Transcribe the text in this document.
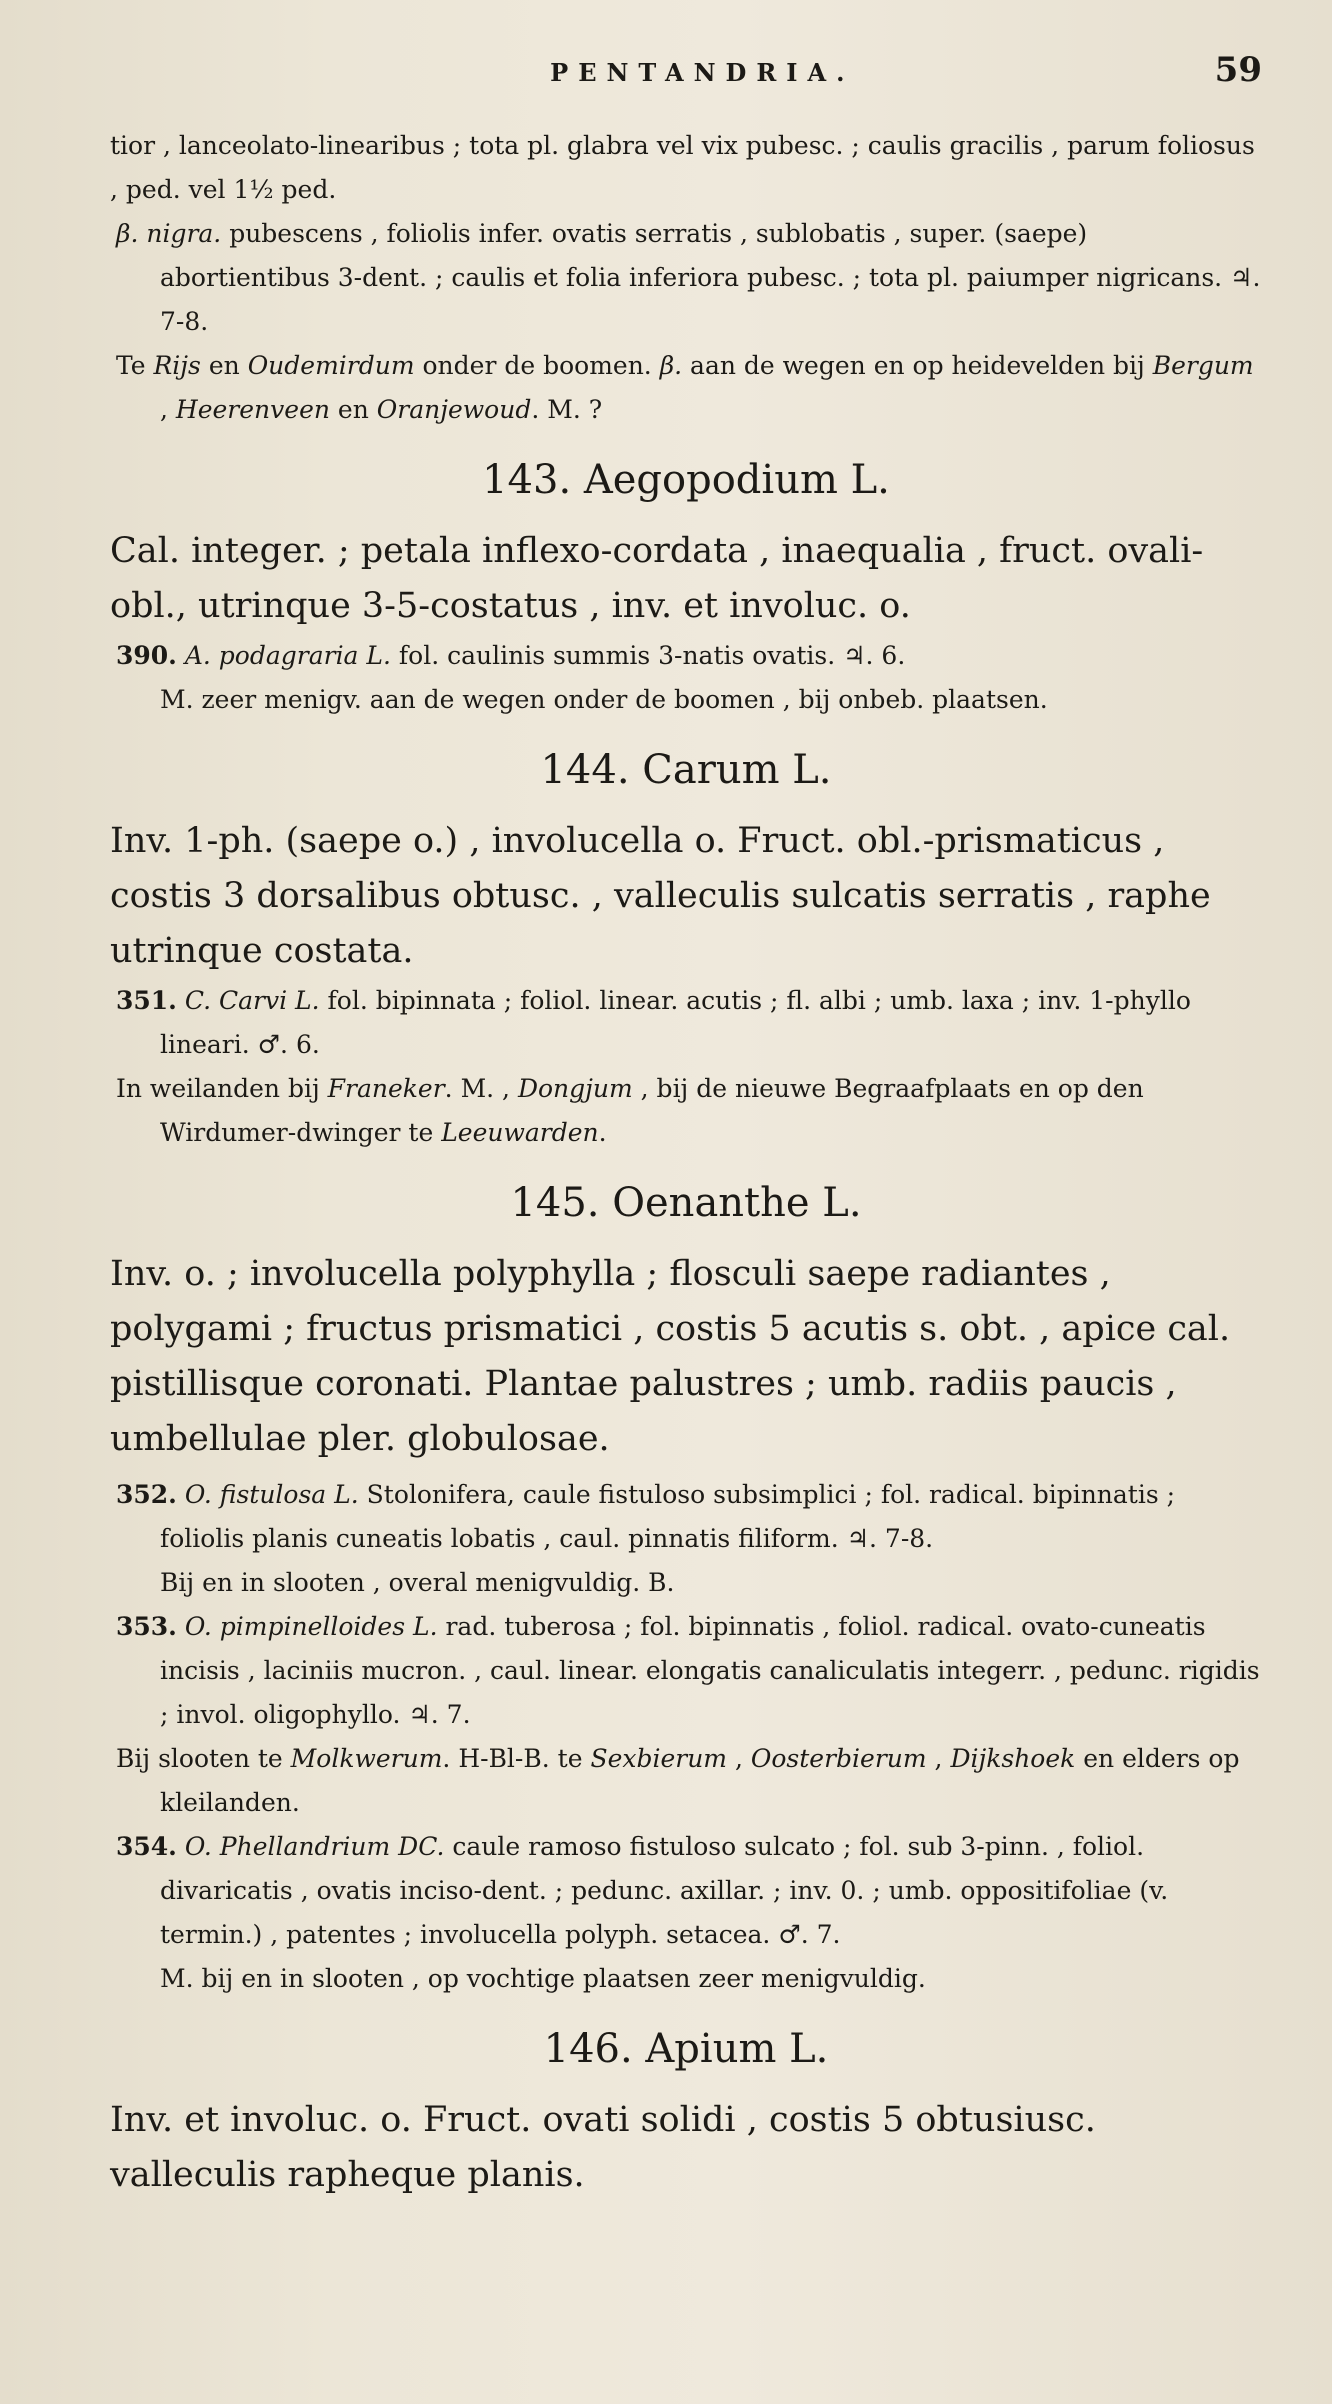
PENTANDRIA.	59

tior , lanceolato-linearibus ; tota pl. glabra vel vix pubesc. ; caulis gracilis , parum foliosus , ped. vel 1½ ped.

β. nigra. pubescens , foliolis infer. ovatis serratis , sublobatis , super. (saepe) abortientibus 3-dent. ; caulis et folia inferiora pubesc. ; tota pl. paiumper nigricans. ♃. 7-8.

Te Rijs en Oudemirdum onder de boomen. β. aan de wegen en op heidevelden bij Bergum , Heerenveen en Oranjewoud. M. ?

143. Aegopodium L.

Cal. integer. ; petala inflexo-cordata , inaequalia , fruct. ovali-obl., utrinque 3-5-costatus , inv. et involuc. o.

390. A. podagraria L. fol. caulinis summis 3-natis ovatis. ♃. 6.

M. zeer menigv. aan de wegen onder de boomen , bij onbeb. plaatsen.

144. Carum L.

Inv. 1-ph. (saepe o.) , involucella o. Fruct. obl.-prismaticus , costis 3 dorsalibus obtusc. , valleculis sulcatis serratis , raphe utrinque costata.

351. C. Carvi L. fol. bipinnata ; foliol. linear. acutis ; fl. albi ; umb. laxa ; inv. 1-phyllo lineari. ♂. 6.

In weilanden bij Franeker. M. , Dongjum , bij de nieuwe Begraafplaats en op den Wirdumer-dwinger te Leeuwarden.

145. Oenanthe L.

Inv. o. ; involucella polyphylla ; flosculi saepe radiantes , polygami ; fructus prismatici , costis 5 acutis s. obt. , apice cal. pistillisque coronati. Plantae palustres ; umb. radiis paucis , umbellulae pler. globulosae.

352. O. fistulosa L. Stolonifera, caule fistuloso subsimplici ; fol. radical. bipinnatis ; foliolis planis cuneatis lobatis , caul. pinnatis filiform. ♃. 7-8.

Bij en in slooten , overal menigvuldig. B.

353. O. pimpinelloides L. rad. tuberosa ; fol. bipinnatis , foliol. radical. ovato-cuneatis incisis , laciniis mucron. , caul. linear. elongatis canaliculatis integerr. , pedunc. rigidis ; invol. oligophyllo. ♃. 7.

Bij slooten te Molkwerum. H-Bl-B. te Sexbierum , Oosterbierum , Dijkshoek en elders op kleilanden.

354. O. Phellandrium DC. caule ramoso fistuloso sulcato ; fol. sub 3-pinn. , foliol. divaricatis , ovatis inciso-dent. ; pedunc. axillar. ; inv. 0. ; umb. oppositifoliae (v. termin.) , patentes ; involucella polyph. setacea. ♂. 7.

M. bij en in slooten , op vochtige plaatsen zeer menigvuldig.

146. Apium L.

Inv. et involuc. o. Fruct. ovati solidi , costis 5 obtusiusc. valleculis rapheque planis.
